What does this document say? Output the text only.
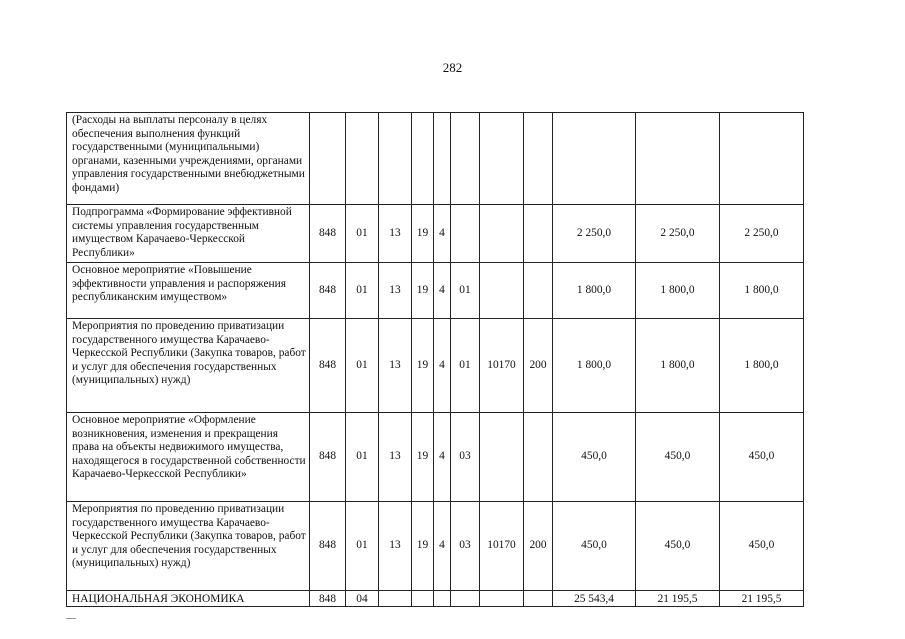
282
(Расходы на выплаты персоналу в целях обеспечения выполнения функций государственными (муниципальными) органами, казенными учреждениями, органами управления государственными внебюджетными фондами)											
Подпрограмма «Формирование эффективной системы управления государственным имуществом Карачаево-Черкесской Республики»	848	01	13	19	4				2 250,0	2 250,0	2 250,0
Основное мероприятие «Повышение эффективности управления и распоряжения республиканским имуществом»	848	01	13	19	4	01			1 800,0	1 800,0	1 800,0
Мероприятия по проведению приватизации государственного имущества Карачаево-Черкесской Республики (Закупка товаров, работ и услуг для обеспечения государственных (муниципальных) нужд)	848	01	13	19	4	01	10170	200	1 800,0	1 800,0	1 800,0
Основное мероприятие «Оформление возникновения, изменения и прекращения права на объекты недвижимого имущества, находящегося в государственной собственности Карачаево-Черкесской Республики»	848	01	13	19	4	03			450,0	450,0	450,0
Мероприятия по проведению приватизации государственного имущества Карачаево-Черкесской Республики (Закупка товаров, работ и услуг для обеспечения государственных (муниципальных) нужд)	848	01	13	19	4	03	10170	200	450,0	450,0	450,0
НАЦИОНАЛЬНАЯ ЭКОНОМИКА	848	04							25 543,4	21 195,5	21 195,5
